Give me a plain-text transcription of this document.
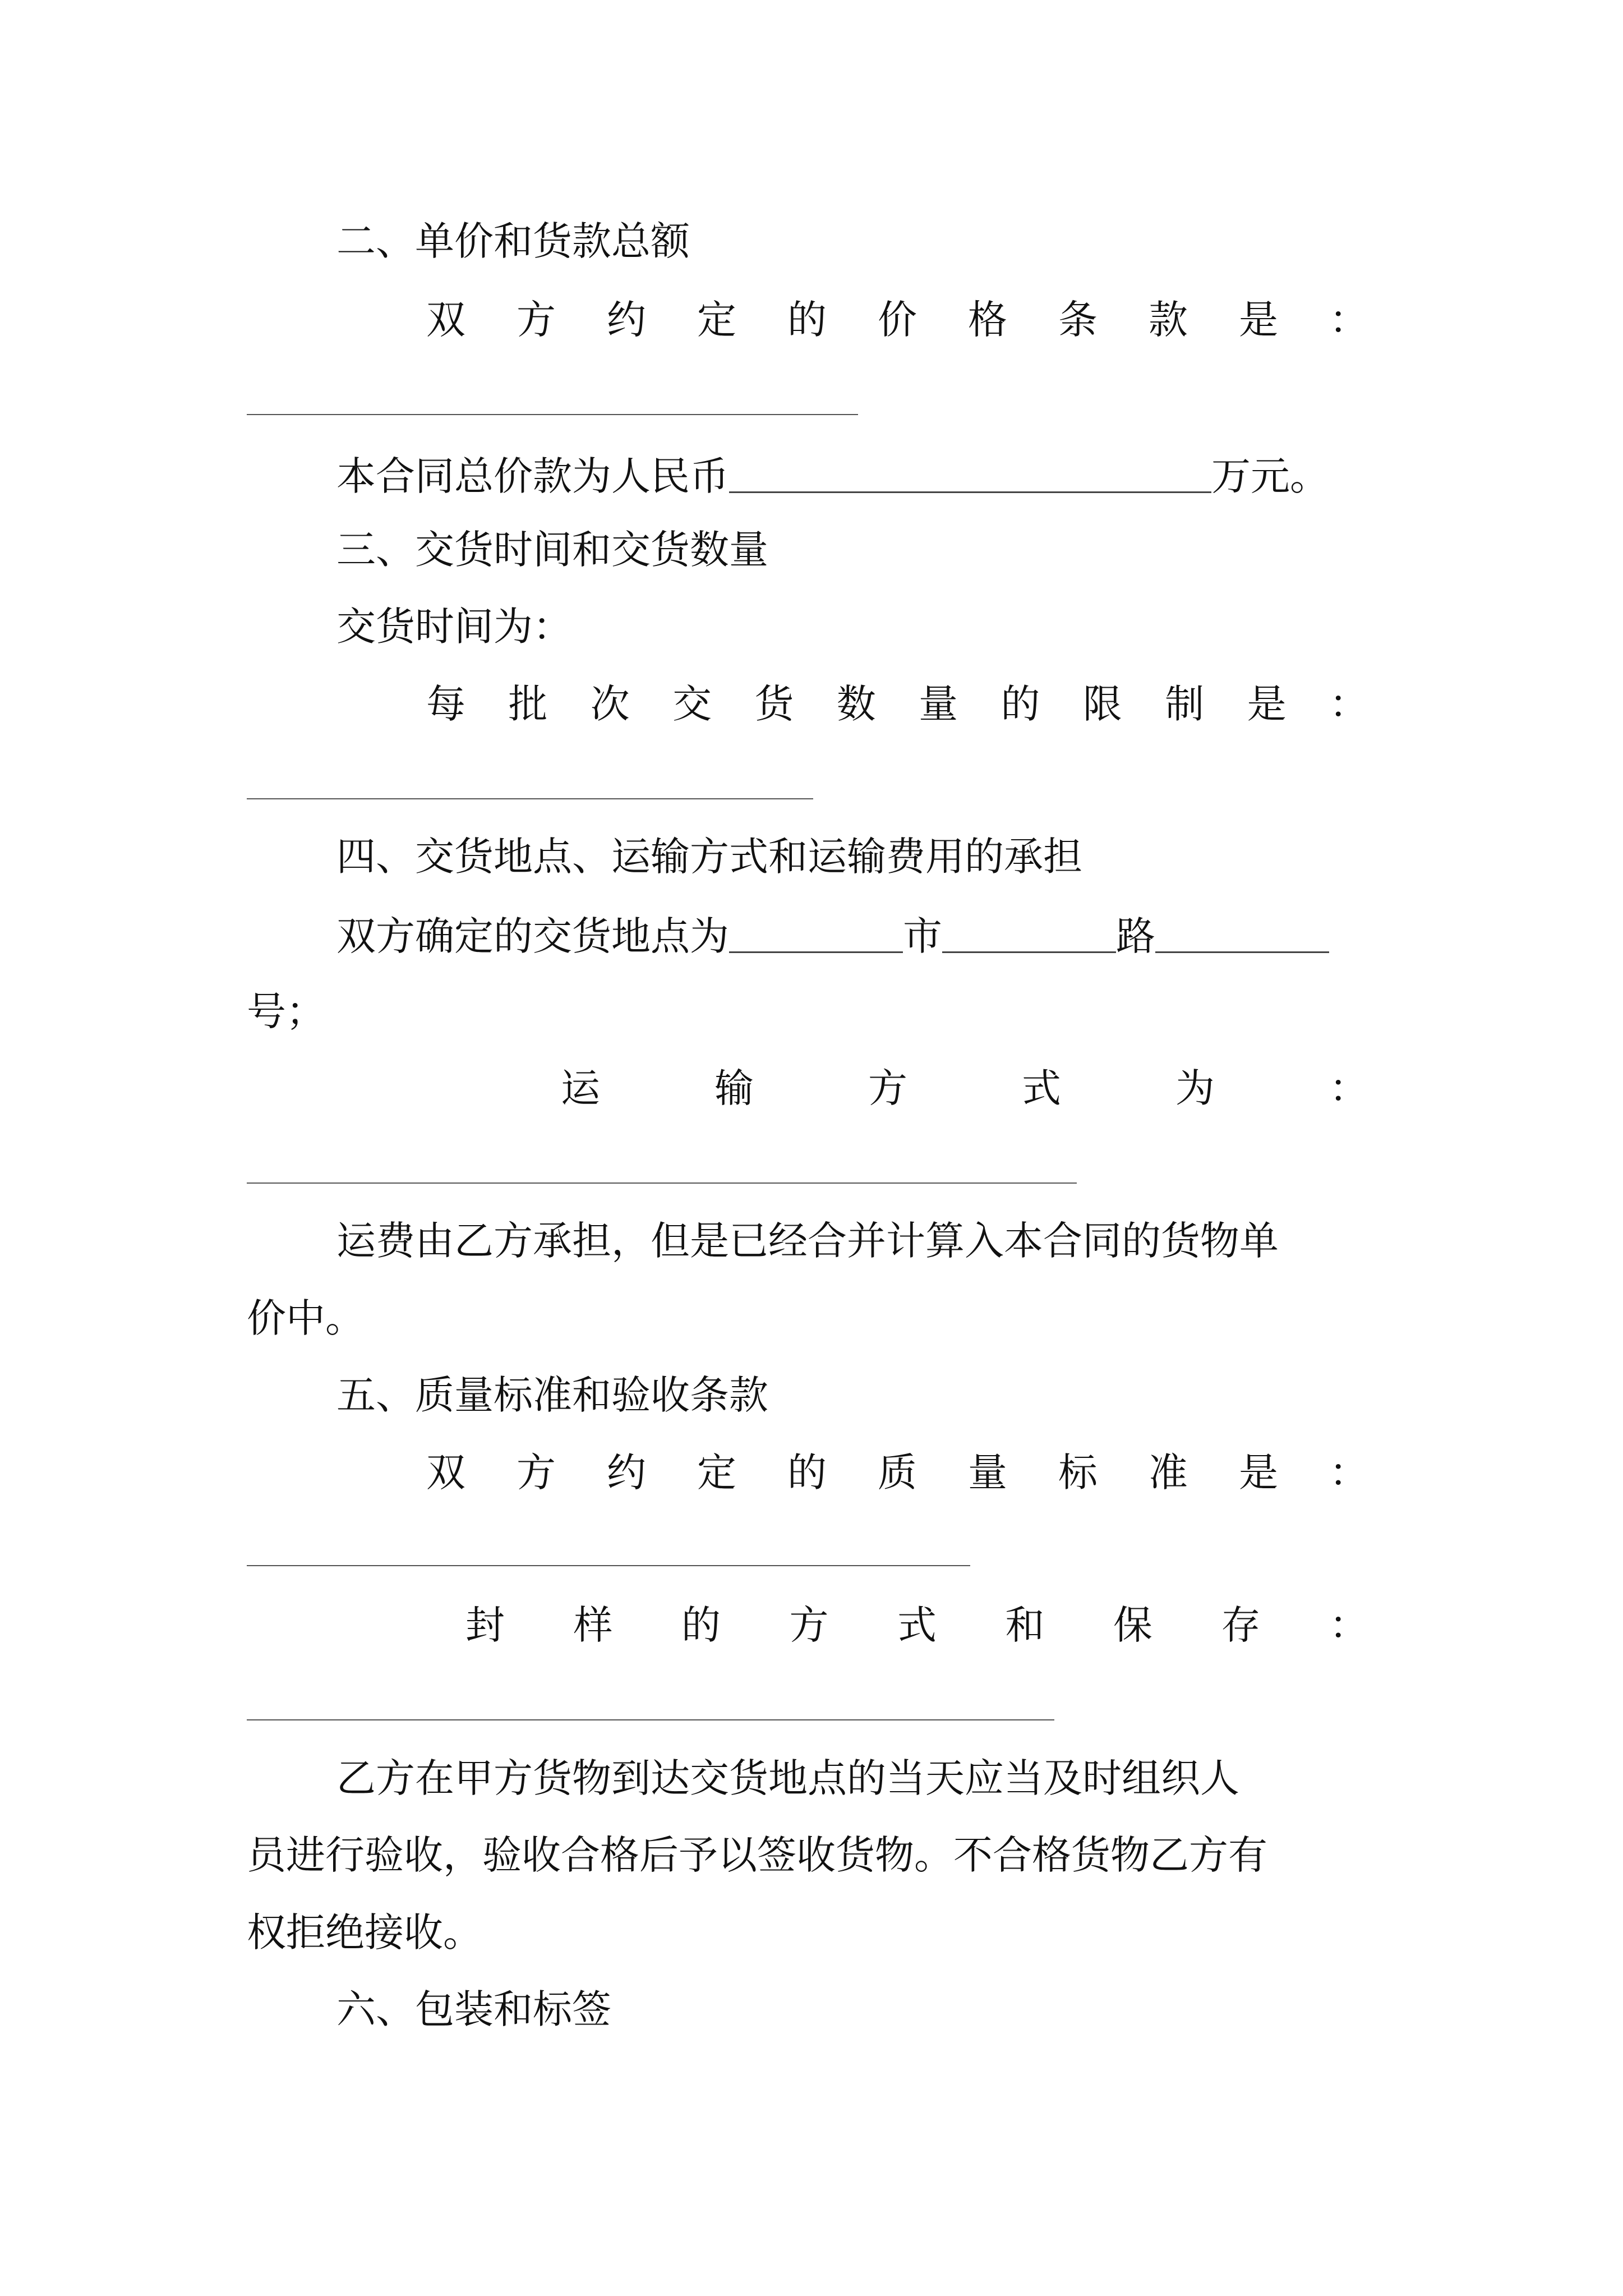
二、单价和货款总额
双 方 约 定 的 价 格 条 款 是 ：
本合同总价款为人民币	万元。
三、交货时间和交货数量
交货时间为：
每 批 次 交 货 数 量 的 限 制 是 ：
四、交货地点、运输方式和运输费用的承担
双方确定的交货地点为	市	路
号；
运	输	方	式	为	：
运费由乙方承担，但是已经合并计算入本合同的货物单
价中。
五、质量标准和验收条款
双 方 约 定 的 质 量 标 准 是 ：
封 样 的 方 式 和 保 存 ：
乙方在甲方货物到达交货地点的当天应当及时组织人
员进行验收，验收合格后予以签收货物。不合格货物乙方有
权拒绝接收。
六、包装和标签
